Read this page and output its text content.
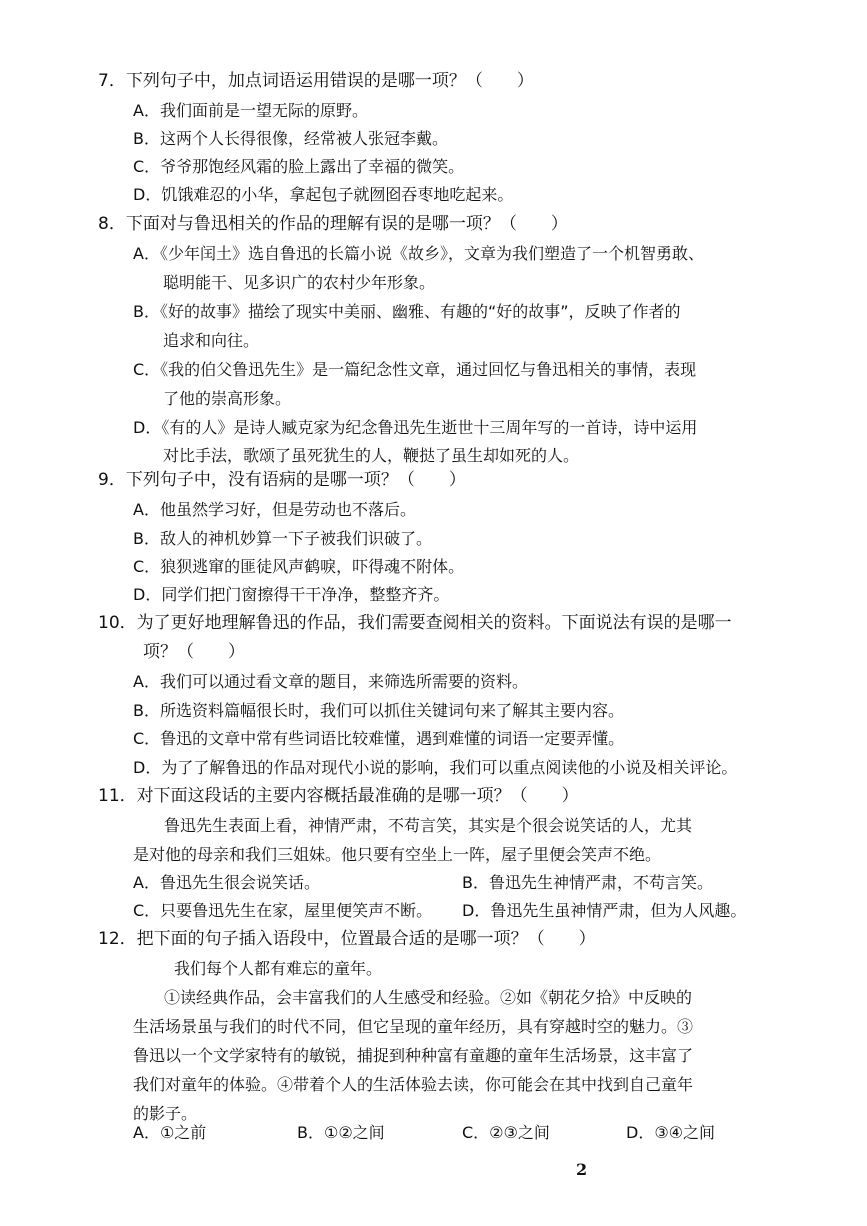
7．下列句子中，加点词语运用错误的是哪一项？（　　）
A．我们面前是一望无际的原野。
B．这两个人长得很像，经常被人张冠李戴。
C．爷爷那饱经风霜的脸上露出了幸福的微笑。
D．饥饿难忍的小华，拿起包子就囫囵吞枣地吃起来。
8．下面对与鲁迅相关的作品的理解有误的是哪一项？（　　）
A．《少年闰土》选自鲁迅的长篇小说《故乡》，文章为我们塑造了一个机智勇敢、
聪明能干、见多识广的农村少年形象。
B．《好的故事》描绘了现实中美丽、幽雅、有趣的“好的故事”，反映了作者的
追求和向往。
C．《我的伯父鲁迅先生》是一篇纪念性文章，通过回忆与鲁迅相关的事情，表现
了他的崇高形象。
D．《有的人》是诗人臧克家为纪念鲁迅先生逝世十三周年写的一首诗，诗中运用
对比手法，歌颂了虽死犹生的人，鞭挞了虽生却如死的人。
9．下列句子中，没有语病的是哪一项？（　　）
A．他虽然学习好，但是劳动也不落后。
B．敌人的神机妙算一下子被我们识破了。
C．狼狈逃窜的匪徒风声鹤唳，吓得魂不附体。
D．同学们把门窗擦得干干净净，整整齐齐。
10．为了更好地理解鲁迅的作品，我们需要查阅相关的资料。下面说法有误的是哪一
项？（　　）
A．我们可以通过看文章的题目，来筛选所需要的资料。
B．所选资料篇幅很长时，我们可以抓住关键词句来了解其主要内容。
C．鲁迅的文章中常有些词语比较难懂，遇到难懂的词语一定要弄懂。
D．为了了解鲁迅的作品对现代小说的影响，我们可以重点阅读他的小说及相关评论。
11．对下面这段话的主要内容概括最准确的是哪一项？（　　）
鲁迅先生表面上看，神情严肃，不苟言笑，其实是个很会说笑话的人，尤其
是对他的母亲和我们三姐妹。他只要有空坐上一阵，屋子里便会笑声不绝。
A．鲁迅先生很会说笑话。	B．鲁迅先生神情严肃，不苟言笑。
C．只要鲁迅先生在家，屋里便笑声不断。 D．鲁迅先生虽神情严肃，但为人风趣。
12．把下面的句子插入语段中，位置最合适的是哪一项？（　　）
我们每个人都有难忘的童年。
①读经典作品，会丰富我们的人生感受和经验。②如《朝花夕拾》中反映的
生活场景虽与我们的时代不同，但它呈现的童年经历，具有穿越时空的魅力。③
鲁迅以一个文学家特有的敏锐，捕捉到种种富有童趣的童年生活场景，这丰富了
我们对童年的体验。④带着个人的生活体验去读，你可能会在其中找到自己童年
的影子。
A．①之前	B．①②之间	C．②③之间	D．③④之间
2
